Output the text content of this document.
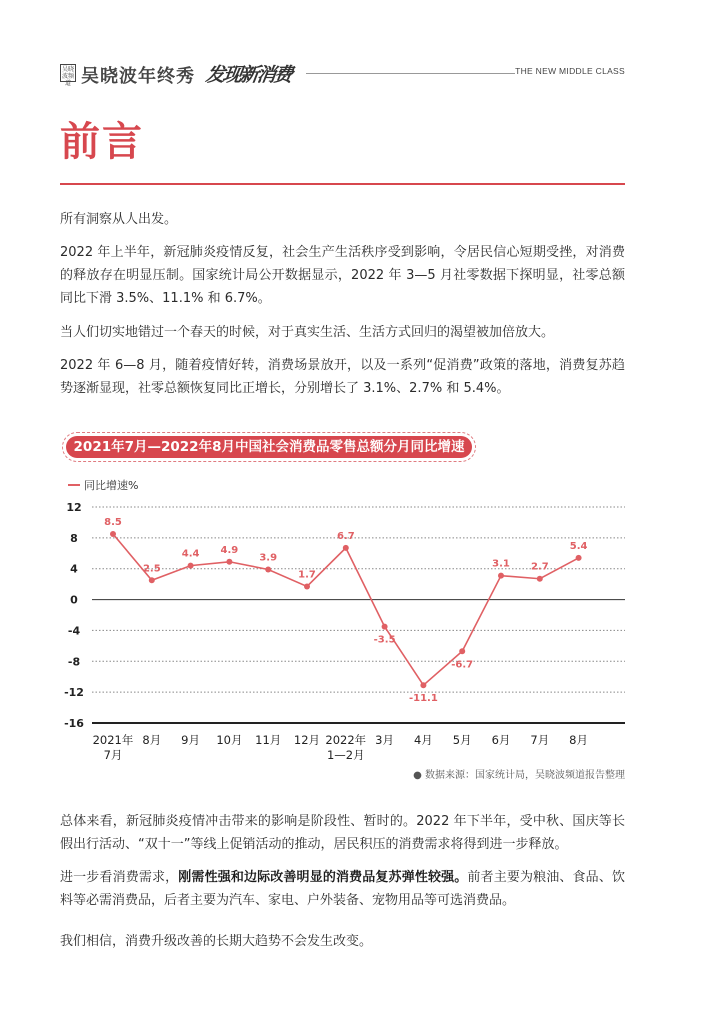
吴晓波频道 吴晓波年终秀 发现新消费	THE NEW MIDDLE CLASS
前言

所有洞察从人出发。

2022 年上半年，新冠肺炎疫情反复，社会生产生活秩序受到影响，令居民信心短期受挫，对消费的释放存在明显压制。国家统计局公开数据显示，2022 年 3—5 月社零数据下探明显，社零总额同比下滑 3.5%、11.1% 和 6.7%。

当人们切实地错过一个春天的时候，对于真实生活、生活方式回归的渴望被加倍放大。

2022 年 6—8 月，随着疫情好转，消费场景放开，以及一系列“促消费”政策的落地，消费复苏趋势逐渐显现，社零总额恢复同比正增长，分别增长了 3.1%、2.7% 和 5.4%。

2021年7月—2022年8月中国社会消费品零售总额分月同比增速
同比增速%
12
8
4
0
-4
-8
-12
-16
8.5
2.5
4.4 4.9
3.9
1.7
6.7
-3.5
-11.1
-6.7
3.1 2.7
5.4
2021年
7月
8月 9月 10月 11月 12月 2022年
1—2月
3月 4月 5月 6月 7月 8月
● 数据来源：国家统计局，吴晓波频道报告整理

总体来看，新冠肺炎疫情冲击带来的影响是阶段性、暂时的。2022 年下半年，受中秋、国庆等长假出行活动、“双十一”等线上促销活动的推动，居民积压的消费需求将得到进一步释放。

进一步看消费需求，刚需性强和边际改善明显的消费品复苏弹性较强。前者主要为粮油、食品、饮料等必需消费品，后者主要为汽车、家电、户外装备、宠物用品等可选消费品。

我们相信，消费升级改善的长期大趋势不会发生改变。
